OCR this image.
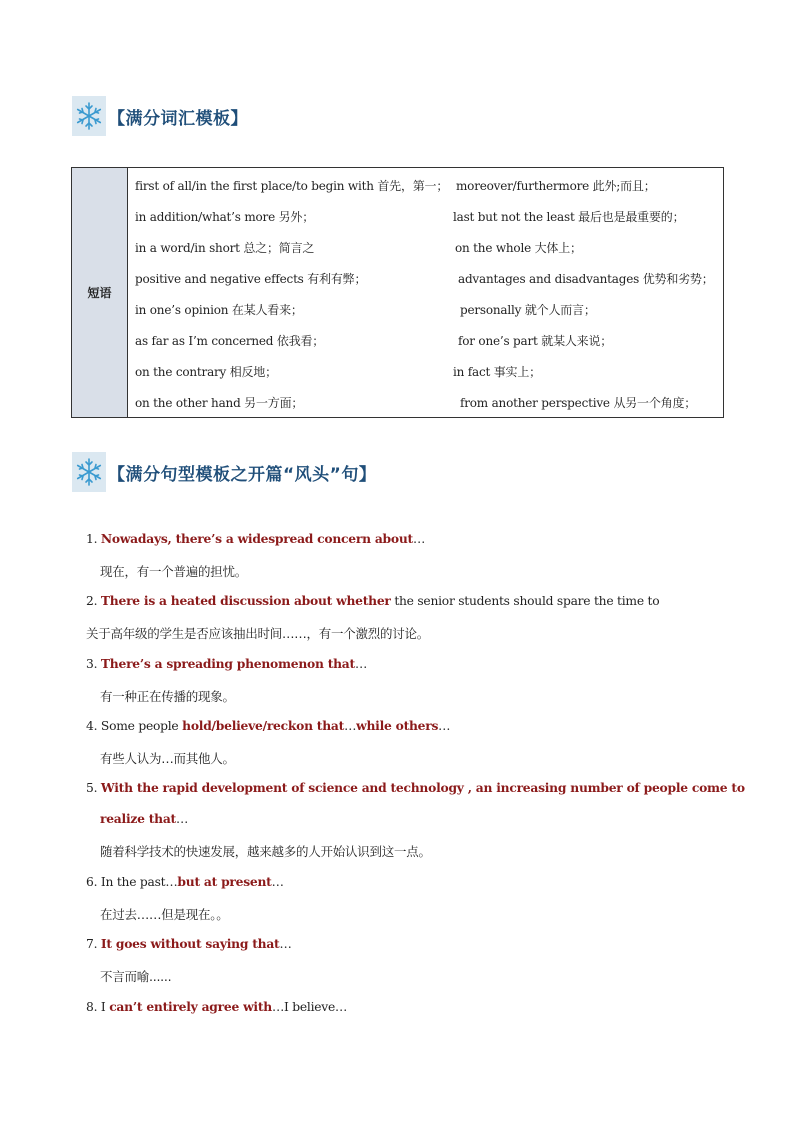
【满分词汇模板】
短语
first of all/in the first place/to begin with 首先，第一； moreover/furthermore 此外;而且；
in addition/what’s more 另外；	last but not the least 最后也是最重要的；
in a word/in short 总之；简言之	on the whole 大体上；
positive and negative effects 有利有弊；	advantages and disadvantages 优势和劣势；
in one’s opinion 在某人看来；	personally 就个人而言；
as far as I’m concerned 依我看；	for one’s part 就某人来说；
on the contrary 相反地；	in fact 事实上；
on the other hand 另一方面；	from another perspective 从另一个角度；
【满分句型模板之开篇“风头”句】
1. Nowadays, there’s a widespread concern about…
现在，有一个普遍的担忧。
2. There is a heated discussion about whether the senior students should spare the time to
关于高年级的学生是否应该抽出时间……，有一个激烈的讨论。
3. There’s a spreading phenomenon that…
有一种正在传播的现象。
4. Some people hold/believe/reckon that…while others…
有些人认为…而其他人。
5. With the rapid development of science and technology , an increasing number of people come to
realize that…
随着科学技术的快速发展，越来越多的人开始认识到这一点。
6. In the past…but at present…
在过去……但是现在。。
7. It goes without saying that…
不言而喻......
8. I can’t entirely agree with…I believe…
